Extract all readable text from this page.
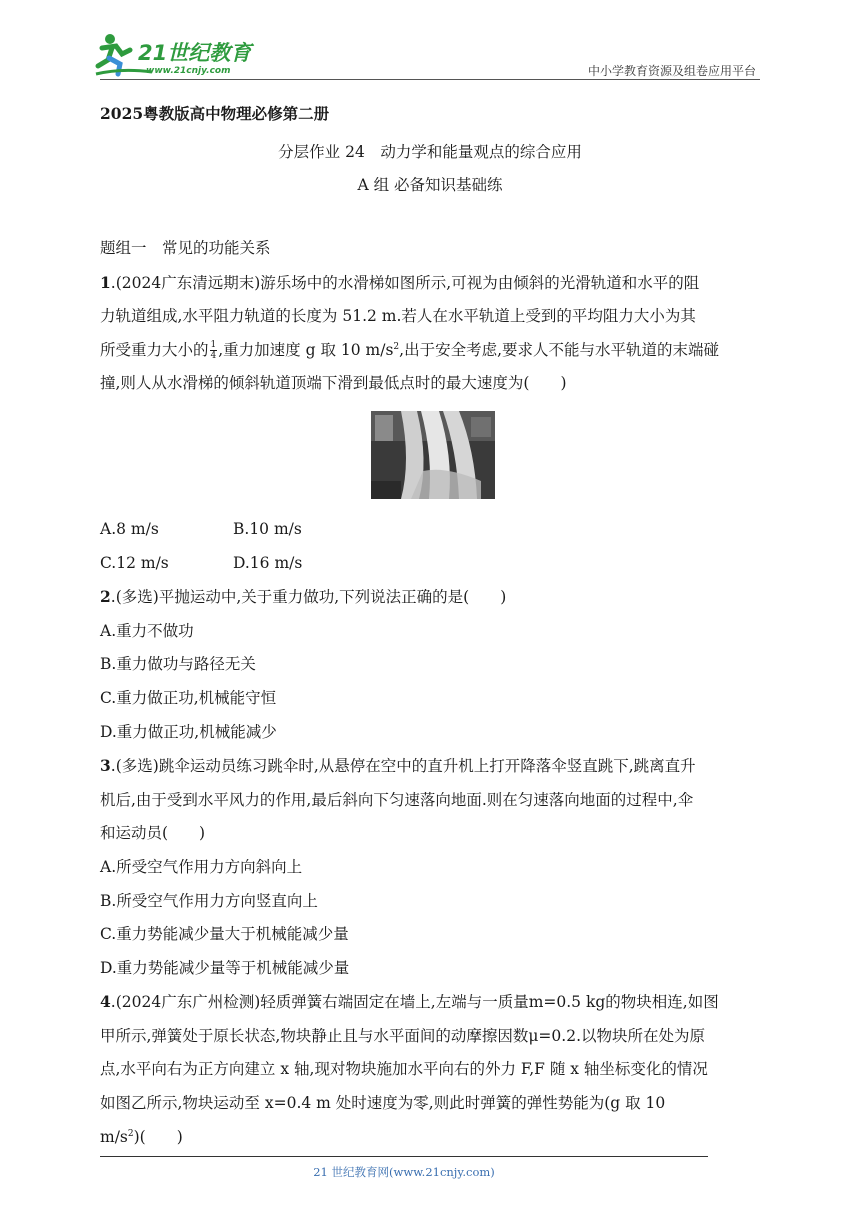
21世纪教育
www.21cnjy.com	中小学教育资源及组卷应用平台
2025粤教版高中物理必修第二册
分层作业 24　动力学和能量观点的综合应用
A 组 必备知识基础练

题组一　常见的功能关系

1.(2024广东清远期末)游乐场中的水滑梯如图所示,可视为由倾斜的光滑轨道和水平的阻

力轨道组成,水平阻力轨道的长度为 51.2 m.若人在水平轨道上受到的平均阻力大小为其

所受重力大小的 $\frac{1}{4}$ ,重力加速度 g 取 10 $m/s^2$,出于安全考虑,要求人不能与水平轨道的末端碰

撞,则人从水滑梯的倾斜轨道顶端下滑到最低点时的最大速度为(　　)

A.8 m/s	B.10 m/s
C.12 m/s	D.16 m/s

2.(多选)平抛运动中,关于重力做功,下列说法正确的是(　　)

A.重力不做功

B.重力做功与路径无关

C.重力做正功,机械能守恒

D.重力做正功,机械能减少

3.(多选)跳伞运动员练习跳伞时,从悬停在空中的直升机上打开降落伞竖直跳下,跳离直升

机后,由于受到水平风力的作用,最后斜向下匀速落向地面.则在匀速落向地面的过程中,伞

和运动员(　　)

A.所受空气作用力方向斜向上

B.所受空气作用力方向竖直向上

C.重力势能减少量大于机械能减少量

D.重力势能减少量等于机械能减少量

4.(2024广东广州检测)轻质弹簧右端固定在墙上,左端与一质量m=0.5 kg的物块相连,如图

甲所示,弹簧处于原长状态,物块静止且与水平面间的动摩擦因数μ=0.2.以物块所在处为原

点,水平向右为正方向建立 x 轴,现对物块施加水平向右的外力 F,F 随 x 轴坐标变化的情况

如图乙所示,物块运动至 x=0.4 m 处时速度为零,则此时弹簧的弹性势能为(g 取 10

$m/s^2$)(　　)

21 世纪教育网(www.21cnjy.com)
